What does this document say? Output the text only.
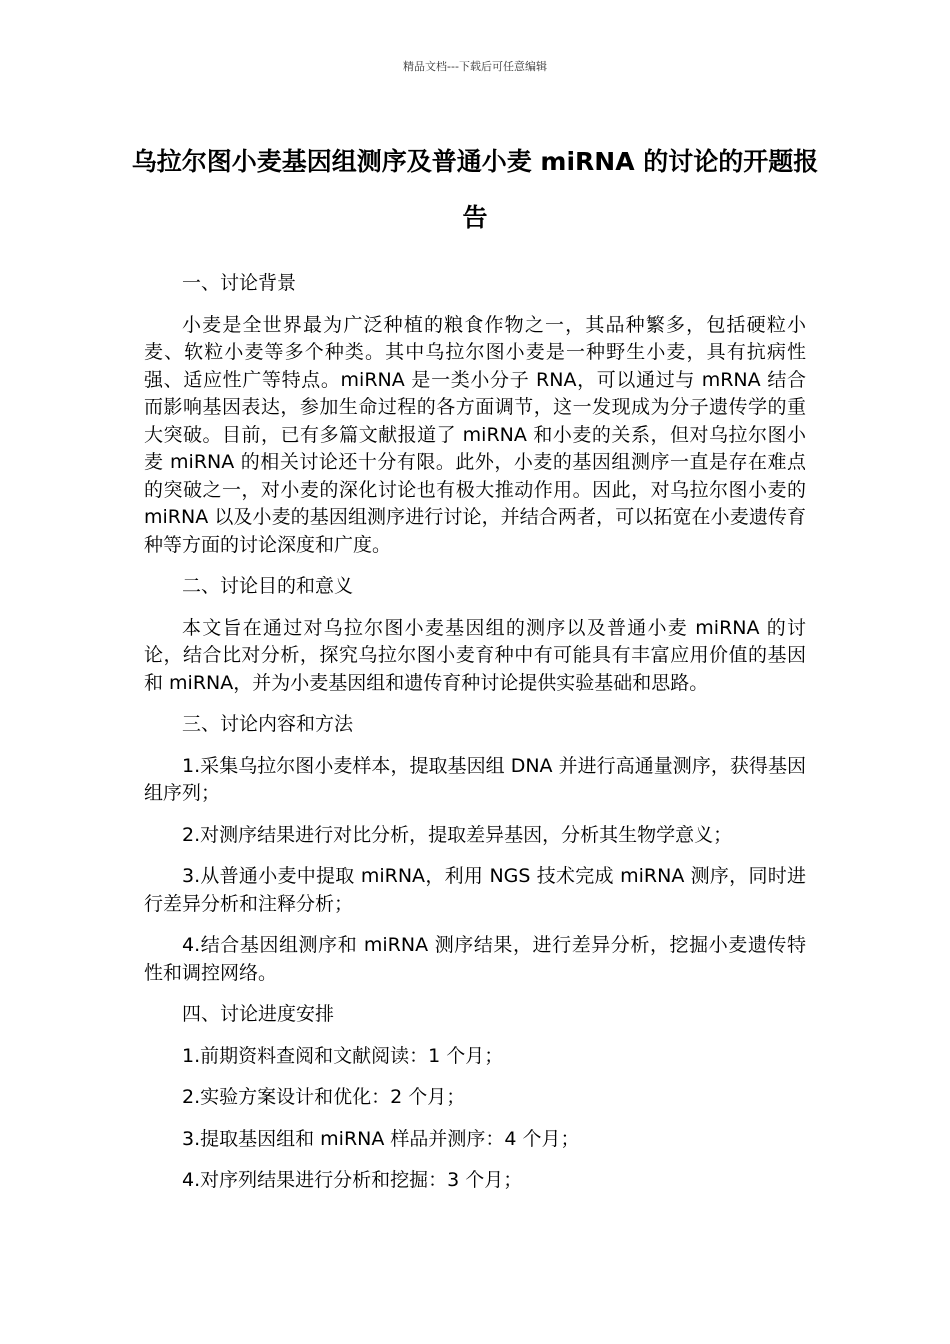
精品文档---下载后可任意编辑
乌拉尔图小麦基因组测序及普通小麦 miRNA 的讨论的开题报告

一、讨论背景

小麦是全世界最为广泛种植的粮食作物之一，其品种繁多，包括硬粒小麦、软粒小麦等多个种类。其中乌拉尔图小麦是一种野生小麦，具有抗病性强、适应性广等特点。miRNA 是一类小分子 RNA，可以通过与 mRNA 结合而影响基因表达，参加生命过程的各方面调节，这一发现成为分子遗传学的重大突破。目前，已有多篇文献报道了 miRNA 和小麦的关系，但对乌拉尔图小麦 miRNA 的相关讨论还十分有限。此外，小麦的基因组测序一直是存在难点的突破之一，对小麦的深化讨论也有极大推动作用。因此，对乌拉尔图小麦的 miRNA 以及小麦的基因组测序进行讨论，并结合两者，可以拓宽在小麦遗传育种等方面的讨论深度和广度。

二、讨论目的和意义

本文旨在通过对乌拉尔图小麦基因组的测序以及普通小麦 miRNA 的讨论，结合比对分析，探究乌拉尔图小麦育种中有可能具有丰富应用价值的基因和 miRNA，并为小麦基因组和遗传育种讨论提供实验基础和思路。

三、讨论内容和方法

1.采集乌拉尔图小麦样本，提取基因组 DNA 并进行高通量测序，获得基因组序列；

2.对测序结果进行对比分析，提取差异基因，分析其生物学意义；

3.从普通小麦中提取 miRNA，利用 NGS 技术完成 miRNA 测序，同时进行差异分析和注释分析；

4.结合基因组测序和 miRNA 测序结果，进行差异分析，挖掘小麦遗传特性和调控网络。

四、讨论进度安排

1.前期资料查阅和文献阅读：1 个月；

2.实验方案设计和优化：2 个月；

3.提取基因组和 miRNA 样品并测序：4 个月；

4.对序列结果进行分析和挖掘：3 个月；
